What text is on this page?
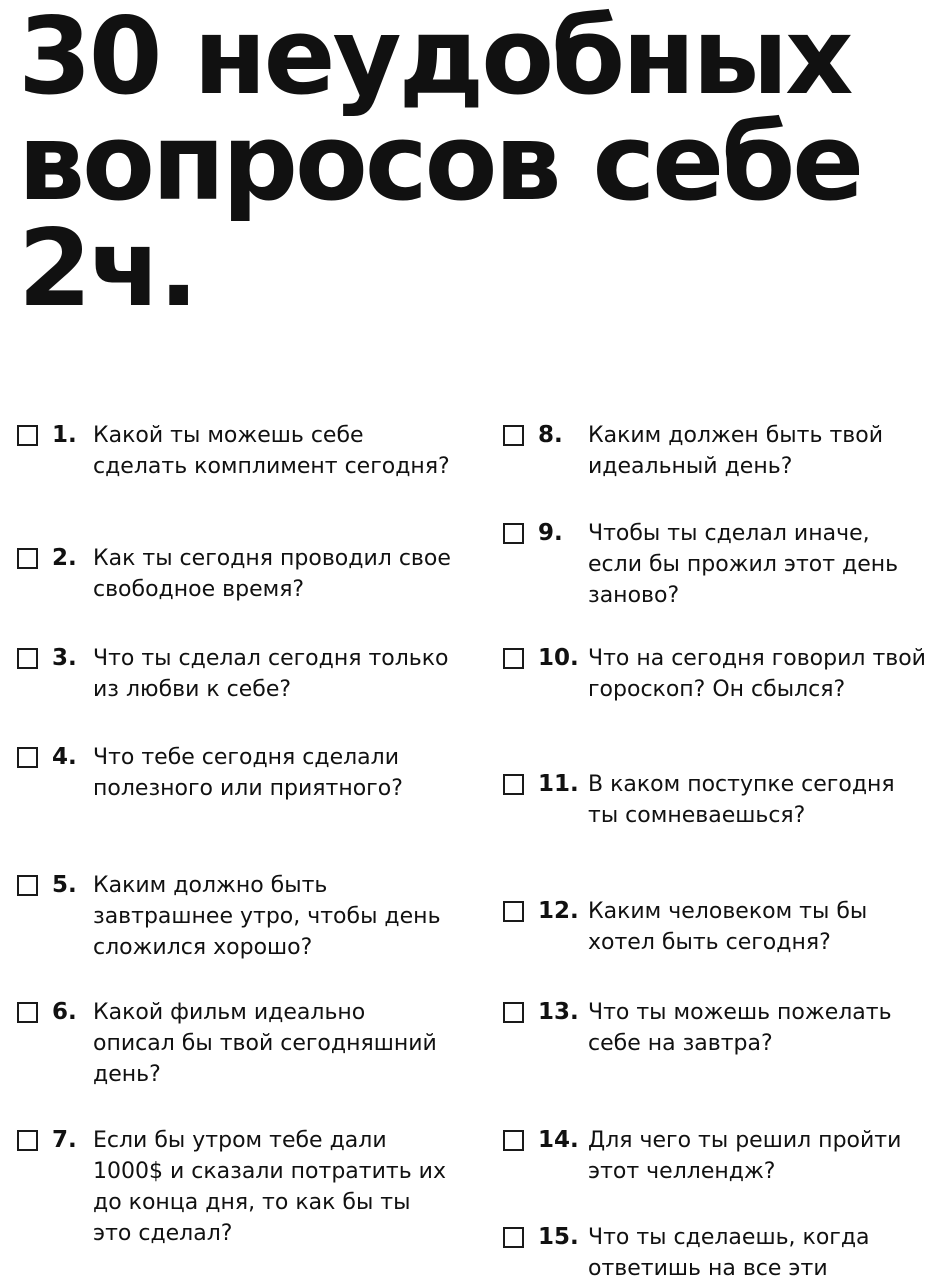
30 неудобных
вопросов себе
2ч.
1. Какой ты можешь себе сделать комплимент сегодня?
2. Как ты сегодня проводил свое свободное время?
3. Что ты сделал сегодня только из любви к себе?
4. Что тебе сегодня сделали полезного или приятного?
5. Каким должно быть завтрашнее утро, чтобы день сложился хорошо?
6. Какой фильм идеально описал бы твой сегодняшний день?
7. Если бы утром тебе дали 1000$ и сказали потратить их до конца дня, то как бы ты это сделал?
8.	Каким должен быть твой идеальный день?
9.	Чтобы ты сделал иначе, если бы прожил этот день заново?
10. Что на сегодня говорил твой гороскоп? Он сбылся?
11. В каком поступке сегодня ты сомневаешься?
12. Каким человеком ты бы хотел быть сегодня?
13. Что ты можешь пожелать себе на завтра?
14. Для чего ты решил пройти этот челлендж?
15. Что ты сделаешь, когда ответишь на все эти
